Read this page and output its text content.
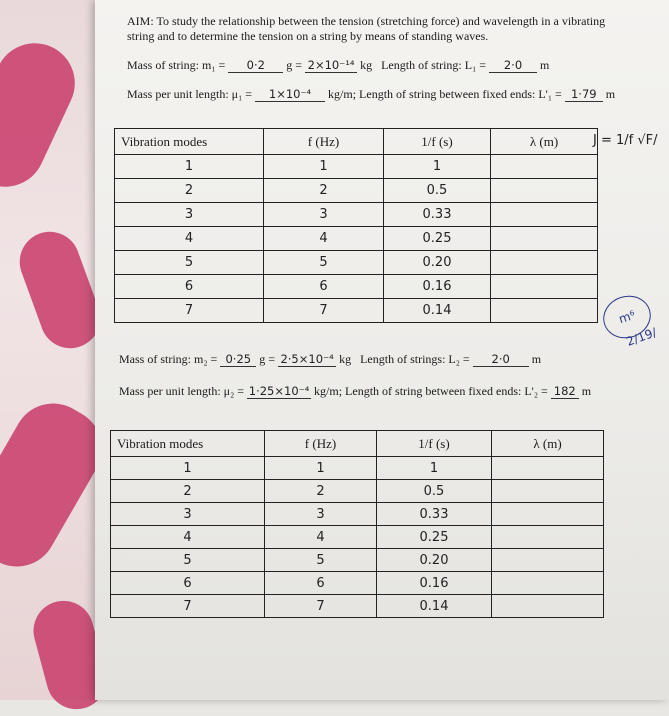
AIM: To study the relationship between the tension (stretching force) and wavelength in a vibrating
string and to determine the tension on a string by means of standing waves.
Mass of string: m₁ = 0·2 g = 2×10⁻¹⁴ kg Length of string: L₁ = 2·0 m
Mass per unit length: μ₁ = 1×10⁻⁴ kg/m; Length of string between fixed ends: L'₁ = 1·79 m
J = 1/f √F/
Vibration modes	f (Hz)	1/f (s)	λ (m)
1	1	1	
2	2	0.5	
3	3	0.33	
4	4	0.25	
5	5	0.20	
6	6	0.16	
7	7	0.14		m⁶
2/19/
Mass of string: m₂ = 0·25 g = 2·5×10⁻⁴ kg Length of strings: L₂ = 2·0 m
Mass per unit length: μ₂ = 1·25×10⁻⁴ kg/m; Length of string between fixed ends: L'₂ = 182 m
Vibration modes	f (Hz)	1/f (s)	λ (m)
1	1	1	
2	2	0.5	
3	3	0.33	
4	4	0.25	
5	5	0.20	
6	6	0.16	
7	7	0.14	
